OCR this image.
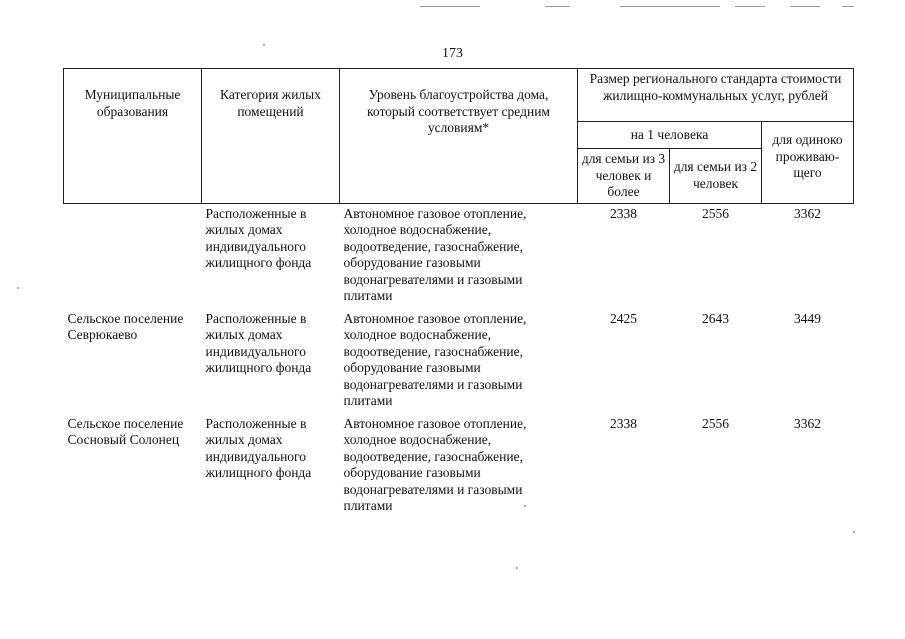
173
Муниципальные образования	Категория жилых помещений	Уровень благоустройства дома, который соответствует средним условиям*	Размер регионального стандарта стоимости жилищно-коммунальных услуг, рублей		
			на 1 человека		для одиноко проживаю-щего
			для семьи из 3 человек и более	для семьи из 2 человек	
	Расположенные в жилых домах индивидуального жилищного фонда	Автономное газовое отопление, холодное водоснабжение, водоотведение, газоснабжение, оборудование газовыми водонагревателями и газовыми плитами	2338	2556	3362
Сельское поселение Севрюкаево	Расположенные в жилых домах индивидуального жилищного фонда	Автономное газовое отопление, холодное водоснабжение, водоотведение, газоснабжение, оборудование газовыми водонагревателями и газовыми плитами	2425	2643	3449
Сельское поселение Сосновый Солонец	Расположенные в жилых домах индивидуального жилищного фонда	Автономное газовое отопление, холодное водоснабжение, водоотведение, газоснабжение, оборудование газовыми водонагревателями и газовыми плитами	2338	2556	3362
